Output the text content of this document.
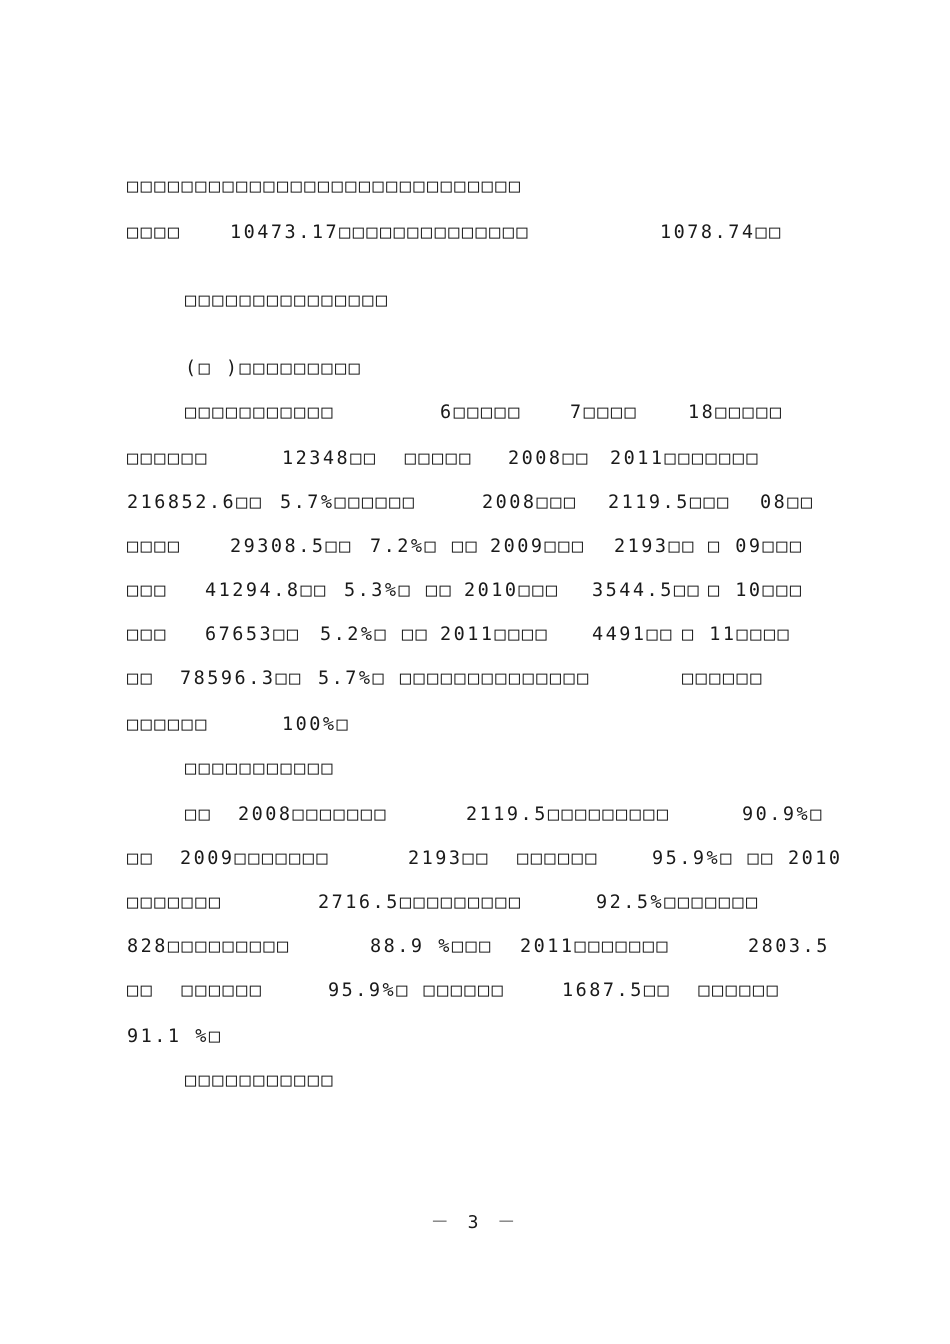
□□□□□□□□□□□□□□□□□□□□□□□□□□□□□
□□□□	10473.17□□□□□□□□□□□□□□	1078.74□□
□□□□□□□□□□□□□□□
(□ )□□□□□□□□□
□□□□□□□□□□□	6□□□□□	7□□□□	18□□□□□
□□□□□□	12348□□  □□□□□ 2008□□ 2011□□□□□□□
216852.6□□ 5.7%□□□□□□	2008□□□ 2119.5□□□ 08□□
□□□□	29308.5□□ 7.2%□ □□ 2009□□□ 2193□□ □ 09□□□
□□□ 41294.8□□ 5.3%□ □□ 2010□□□ 3544.5□□ □ 10□□□
□□□ 67653□□ 5.2%□ □□ 2011□□□□ 4491□□ □ 11□□□□
□□ 78596.3□□ 5.7%□ □□□□□□□□□□□□□□	□□□□□□
□□□□□□	100%□
□□□□□□□□□□□
□□ 2008□□□□□□□	2119.5□□□□□□□□□	90.9%□
□□ 2009□□□□□□□	2193□□  □□□□□□	95.9%□ □□ 2010
□□□□□□□	2716.5□□□□□□□□□	92.5%□□□□□□□
828□□□□□□□□□	88.9 %□□□ 2011□□□□□□□	2803.5
□□  □□□□□□	95.9%□ □□□□□□	1687.5□□  □□□□□□
91.1 %□
□□□□□□□□□□□
－ 3 －
